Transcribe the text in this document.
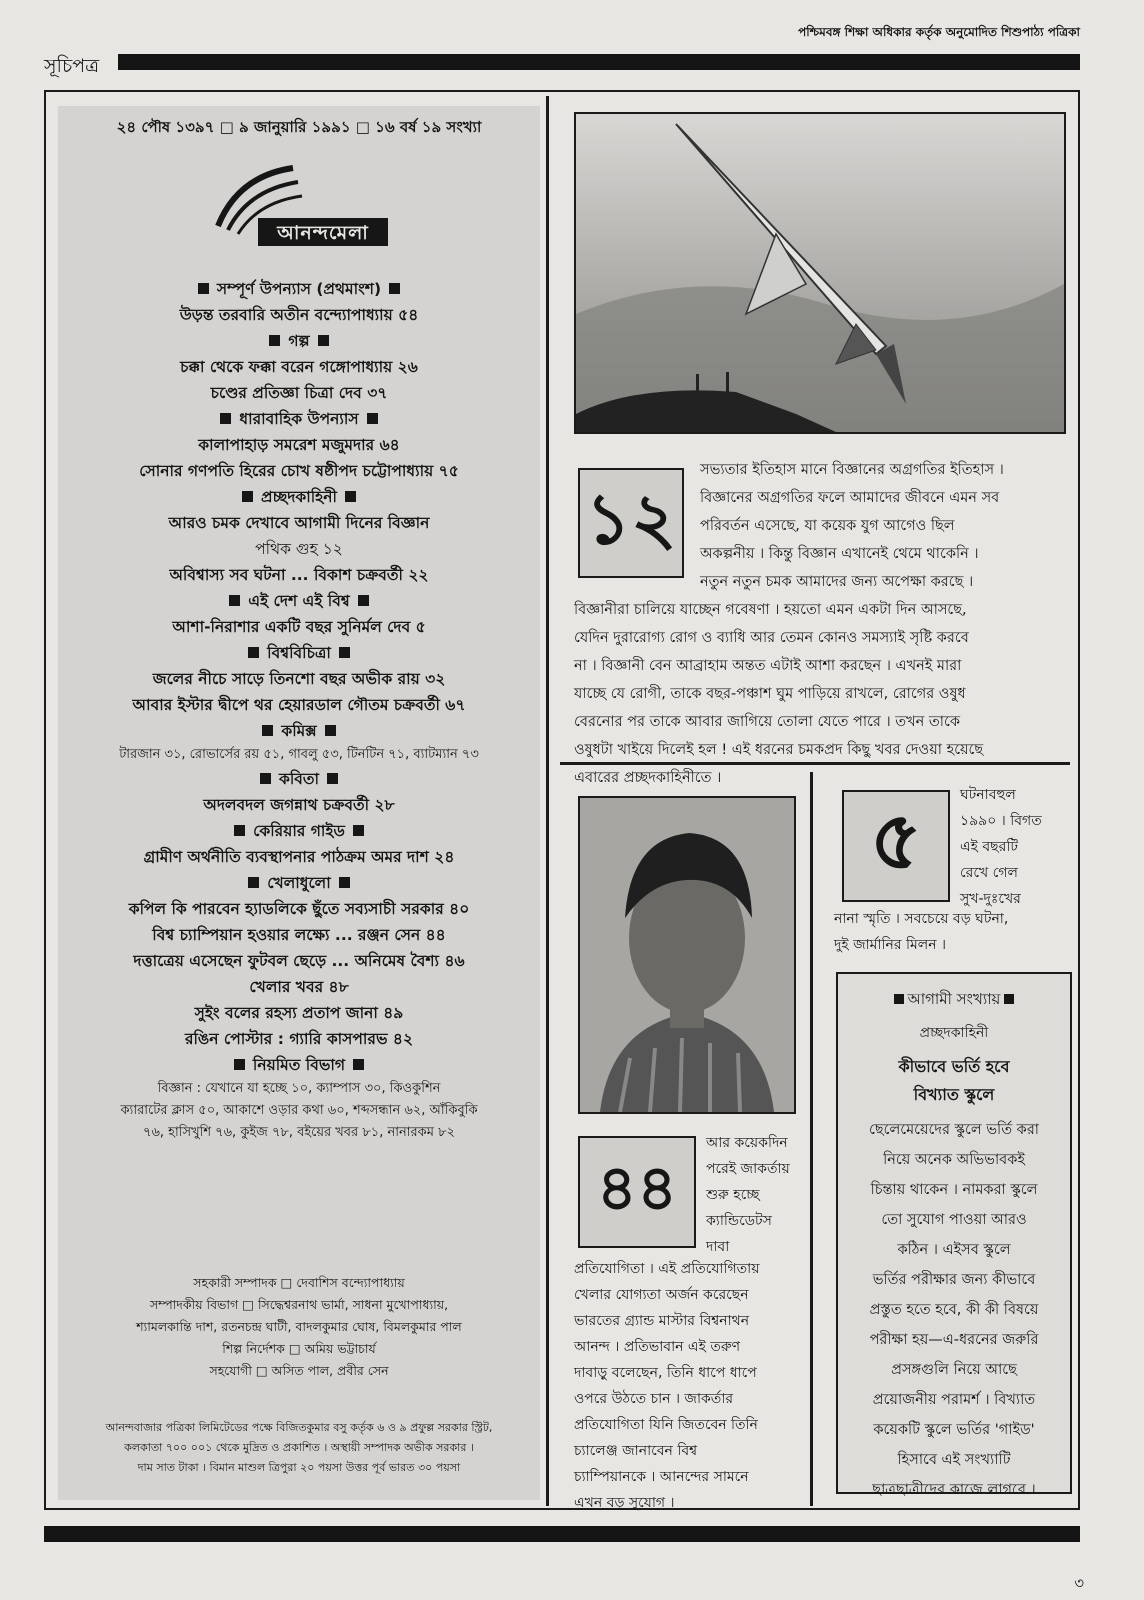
পশ্চিমবঙ্গ শিক্ষা অধিকার কর্তৃক অনুমোদিত শিশুপাঠ্য পত্রিকা
সূচিপত্র
৩
২৪ পৌষ ১৩৯৭ □ ৯ জানুয়ারি ১৯৯১ □ ১৬ বর্ষ ১৯ সংখ্যা
আনন্দমেলা
সম্পূর্ণ উপন্যাস (প্রথমাংশ)
উড়ন্ত তরবারি অতীন বন্দ্যোপাধ্যায় ৫৪
গল্প
চক্কা থেকে ফক্কা বরেন গঙ্গোপাধ্যায় ২৬
চণ্ডের প্রতিজ্ঞা চিত্রা দেব ৩৭
ধারাবাহিক উপন্যাস
কালাপাহাড় সমরেশ মজুমদার ৬৪
সোনার গণপতি হিরের চোখ ষষ্ঠীপদ চট্টোপাধ্যায় ৭৫
প্রচ্ছদকাহিনী
আরও চমক দেখাবে আগামী দিনের বিজ্ঞান
পথিক গুহ ১২
অবিশ্বাস্য সব ঘটনা ... বিকাশ চক্রবর্তী ২২
এই দেশ এই বিশ্ব
আশা-নিরাশার একটি বছর সুনির্মল দেব ৫
বিশ্ববিচিত্রা
জলের নীচে সাড়ে তিনশো বছর অভীক রায় ৩২
আবার ইস্টার দ্বীপে থর হেয়ারডাল গৌতম চক্রবর্তী ৬৭
কমিক্স
টারজান ৩১, রোভার্সের রয় ৫১, গাবলু ৫৩, টিনটিন ৭১, ব্যাটম্যান ৭৩
কবিতা
অদলবদল জগন্নাথ চক্রবর্তী ২৮
কেরিয়ার গাইড
গ্রামীণ অর্থনীতি ব্যবস্থাপনার পাঠক্রম অমর দাশ ২৪
খেলাধুলো
কপিল কি পারবেন হ্যাডলিকে ছুঁতে সব্যসাচী সরকার ৪০
বিশ্ব চ্যাম্পিয়ান হওয়ার লক্ষ্যে ... রঞ্জন সেন ৪৪
দত্তাত্রেয় এসেছেন ফুটবল ছেড়ে ... অনিমেষ বৈশ্য ৪৬
খেলার খবর ৪৮
সুইং বলের রহস্য প্রতাপ জানা ৪৯
রঙিন পোস্টার : গ্যারি কাসপারভ ৪২
নিয়মিত বিভাগ
বিজ্ঞান : যেখানে যা হচ্ছে ১০, ক্যাম্পাস ৩০, কিওকুশিন
ক্যারাটের ক্লাস ৫০, আকাশে ওড়ার কথা ৬০, শব্দসন্ধান ৬২, আঁকিবুকি
৭৬, হাসিখুশি ৭৬, কুইজ ৭৮, বইয়ের খবর ৮১, নানারকম ৮২
সহকারী সম্পাদক □ দেবাশিস বন্দ্যোপাধ্যায়
সম্পাদকীয় বিভাগ □ সিদ্ধেশ্বরনাথ ভার্মা, সাধনা মুখোপাধ্যায়,
শ্যামলকান্তি দাশ, রতনচন্দ্র ঘাটী, বাদলকুমার ঘোষ, বিমলকুমার পাল
শিল্প নির্দেশক □ অমিয় ভট্টাচার্য
সহযোগী □ অসিত পাল, প্রবীর সেন
আনন্দবাজার পত্রিকা লিমিটেডের পক্ষে বিজিতকুমার বসু কর্তৃক ৬ ও ৯ প্রফুল্ল সরকার স্ট্রিট,
কলকাতা ৭০০ ০০১ থেকে মুদ্রিত ও প্রকাশিত । অস্থায়ী সম্পাদক অভীক সরকার ।
দাম সাত টাকা । বিমান মাশুল ত্রিপুরা ২০ পয়সা উত্তর পূর্ব ভারত ৩০ পয়সা
১২
সভ্যতার ইতিহাস মানে বিজ্ঞানের অগ্রগতির ইতিহাস ।
বিজ্ঞানের অগ্রগতির ফলে আমাদের জীবনে এমন সব
পরিবর্তন এসেছে, যা কয়েক যুগ আগেও ছিল
অকল্পনীয় । কিন্তু বিজ্ঞান এখানেই থেমে থাকেনি ।
নতুন নতুন চমক আমাদের জন্য অপেক্ষা করছে ।
বিজ্ঞানীরা চালিয়ে যাচ্ছেন গবেষণা । হয়তো এমন একটা দিন আসছে,
যেদিন দুরারোগ্য রোগ ও ব্যাধি আর তেমন কোনও সমস্যাই সৃষ্টি করবে
না । বিজ্ঞানী বেন আব্রাহাম অন্তত এটাই আশা করছেন । এখনই মারা
যাচ্ছে যে রোগী, তাকে বছর-পঞ্চাশ ঘুম পাড়িয়ে রাখলে, রোগের ওষুধ
বেরনোর পর তাকে আবার জাগিয়ে তোলা যেতে পারে । তখন তাকে
ওষুধটা খাইয়ে দিলেই হল ! এই ধরনের চমকপ্রদ কিছু খবর দেওয়া হয়েছে
এবারের প্রচ্ছদকাহিনীতে ।
৫	ঘটনাবহুল
১৯৯০ । বিগত
এই বছরটি
রেখে গেল
সুখ-দুঃখের
নানা স্মৃতি । সবচেয়ে বড় ঘটনা,
দুই জার্মানির মিলন ।
৪৪
আর কয়েকদিন
পরেই জাকর্তায়
শুরু হচ্ছে
ক্যান্ডিডেটস
দাবা
প্রতিযোগিতা । এই প্রতিযোগিতায়
খেলার যোগ্যতা অর্জন করেছেন
ভারতের গ্র্যান্ড মাস্টার বিশ্বনাথন
আনন্দ । প্রতিভাবান এই তরুণ
দাবাড়ু বলেছেন, তিনি ধাপে ধাপে
ওপরে উঠতে চান । জাকর্তার
প্রতিযোগিতা যিনি জিতবেন তিনি
চ্যালেঞ্জ জানাবেন বিশ্ব
চ্যাম্পিয়ানকে । আনন্দের সামনে
এখন বড় সুযোগ ।
আগামী সংখ্যায়
প্রচ্ছদকাহিনী
কীভাবে ভর্তি হবে
বিখ্যাত স্কুলে
ছেলেমেয়েদের স্কুলে ভর্তি করা
নিয়ে অনেক অভিভাবকই
চিন্তায় থাকেন । নামকরা স্কুলে
তো সুযোগ পাওয়া আরও
কঠিন । এইসব স্কুলে
ভর্তির পরীক্ষার জন্য কীভাবে
প্রস্তুত হতে হবে, কী কী বিষয়ে
পরীক্ষা হয়—এ-ধরনের জরুরি
প্রসঙ্গগুলি নিয়ে আছে
প্রয়োজনীয় পরামর্শ । বিখ্যাত
কয়েকটি স্কুলে ভর্তির 'গাইড'
হিসাবে এই সংখ্যাটি
ছাত্রছাত্রীদের কাজে লাগবে ।
